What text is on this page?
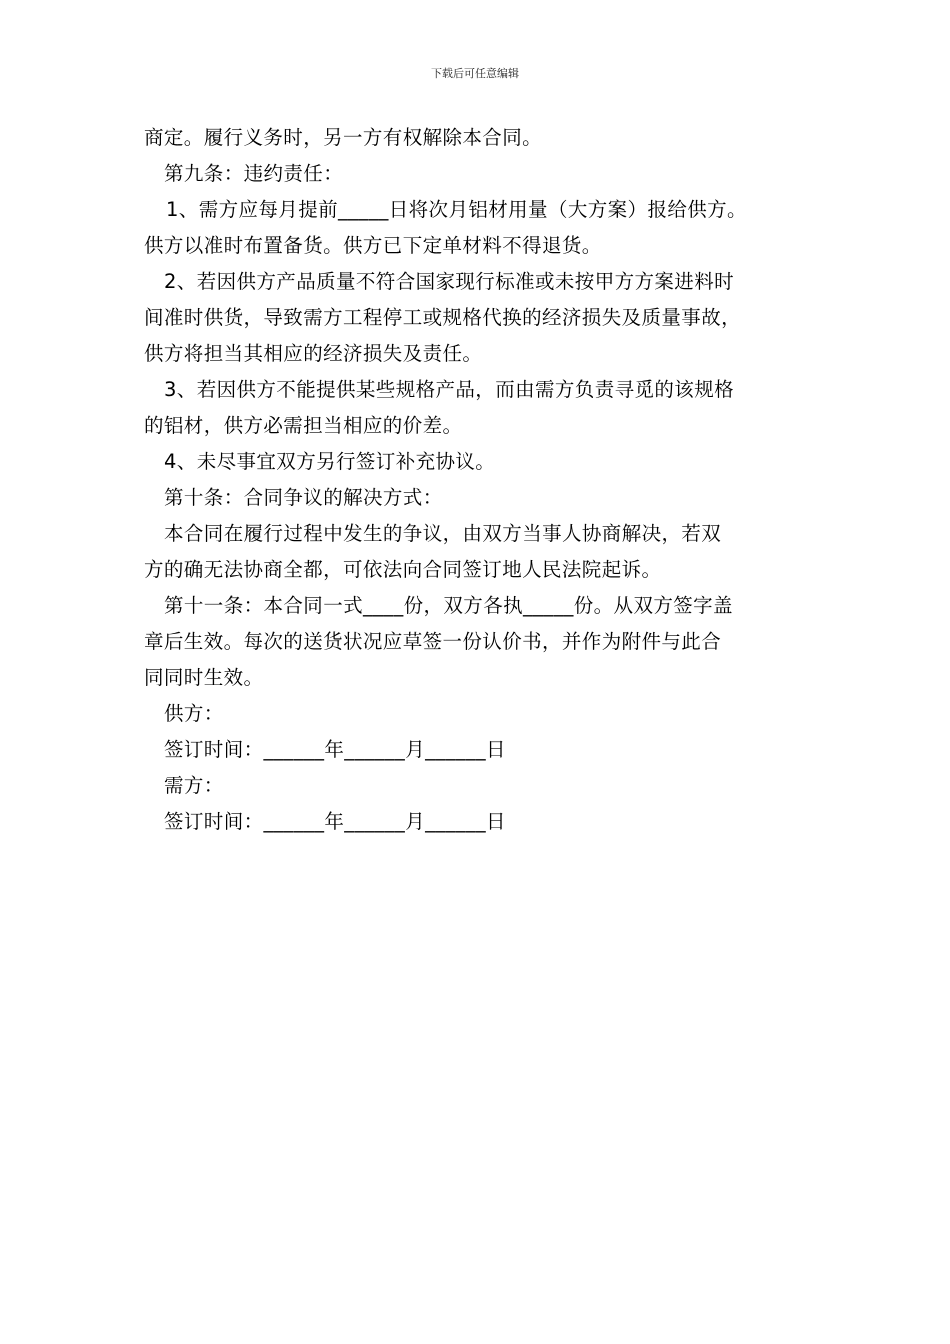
下载后可任意编辑
商定。履行义务时，另一方有权解除本合同。
第九条：违约责任：
1、需方应每月提前_____日将次月铝材用量（大方案）报给供方。
供方以准时布置备货。供方已下定单材料不得退货。
2、若因供方产品质量不符合国家现行标准或未按甲方方案进料时
间准时供货，导致需方工程停工或规格代换的经济损失及质量事故，
供方将担当其相应的经济损失及责任。
3、若因供方不能提供某些规格产品，而由需方负责寻觅的该规格
的铝材，供方必需担当相应的价差。
4、未尽事宜双方另行签订补充协议。
第十条：合同争议的解决方式：
本合同在履行过程中发生的争议，由双方当事人协商解决，若双
方的确无法协商全都，可依法向合同签订地人民法院起诉。
第十一条：本合同一式____份，双方各执_____份。从双方签字盖
章后生效。每次的送货状况应草签一份认价书，并作为附件与此合
同同时生效。
供方：
签订时间：______年______月______日
需方：
签订时间：______年______月______日
